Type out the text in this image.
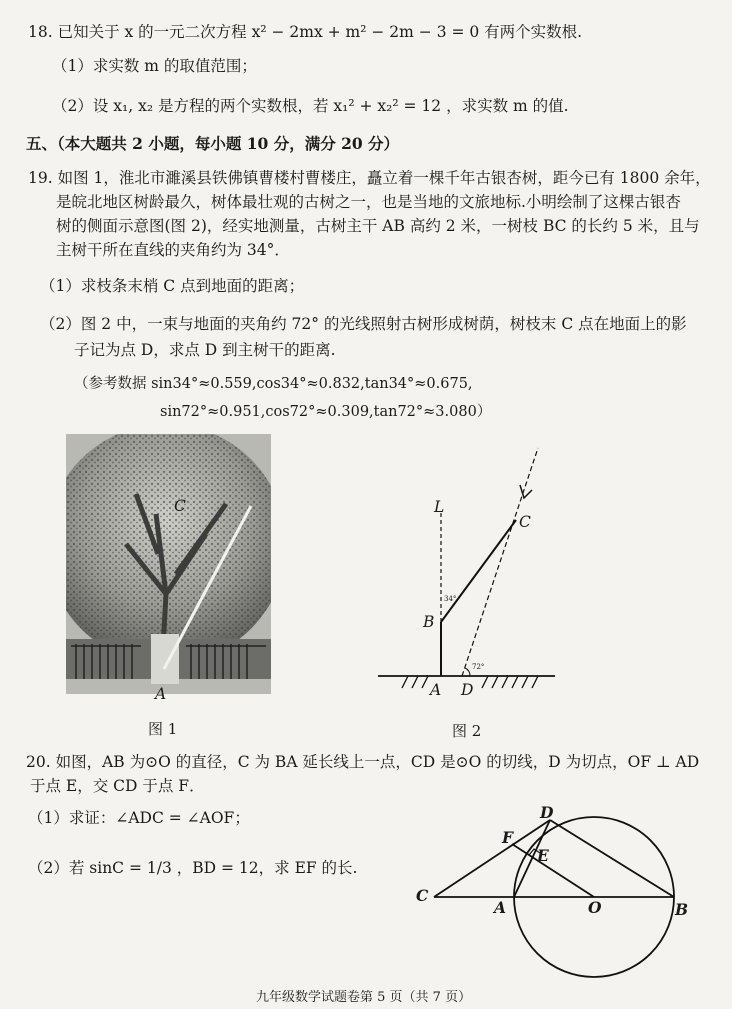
18. 已知关于 x 的一元二次方程 x² − 2mx + m² − 2m − 3 = 0 有两个实数根.
（1）求实数 m 的取值范围；
（2）设 x₁, x₂ 是方程的两个实数根，若 x₁² + x₂² = 12 ，求实数 m 的值.
五、（本大题共 2 小题，每小题 10 分，满分 20 分）
19. 如图 1，淮北市濉溪县铁佛镇曹楼村曹楼庄，矗立着一棵千年古银杏树，距今已有 1800 余年，
是皖北地区树龄最久，树体最壮观的古树之一，也是当地的文旅地标.小明绘制了这棵古银杏
树的侧面示意图(图 2)，经实地测量，古树主干 AB 高约 2 米，一树枝 BC 的长约 5 米，且与
主树干所在直线的夹角约为 34°．
（1）求枝条末梢 C 点到地面的距离；
（2）图 2 中，一束与地面的夹角约 72° 的光线照射古树形成树荫，树枝末 C 点在地面上的影
子记为点 D，求点 D 到主树干的距离.
（参考数据 sin34°≈0.559,cos34°≈0.832,tan34°≈0.675,
sin72°≈0.951,cos72°≈0.309,tan72°≈3.080）
C
A
图 1
L
C
B
A D
34°
72°
图 2
20. 如图，AB 为⊙O 的直径，C 为 BA 延长线上一点，CD 是⊙O 的切线，D 为切点，OF ⊥ AD
于点 E，交 CD 于点 F．
（1）求证：∠ADC = ∠AOF；
（2）若 sinC = 1/3 ，BD = 12，求 EF 的长.
D
F
E
C
A	O	B
九年级数学试题卷第 5 页（共 7 页）
